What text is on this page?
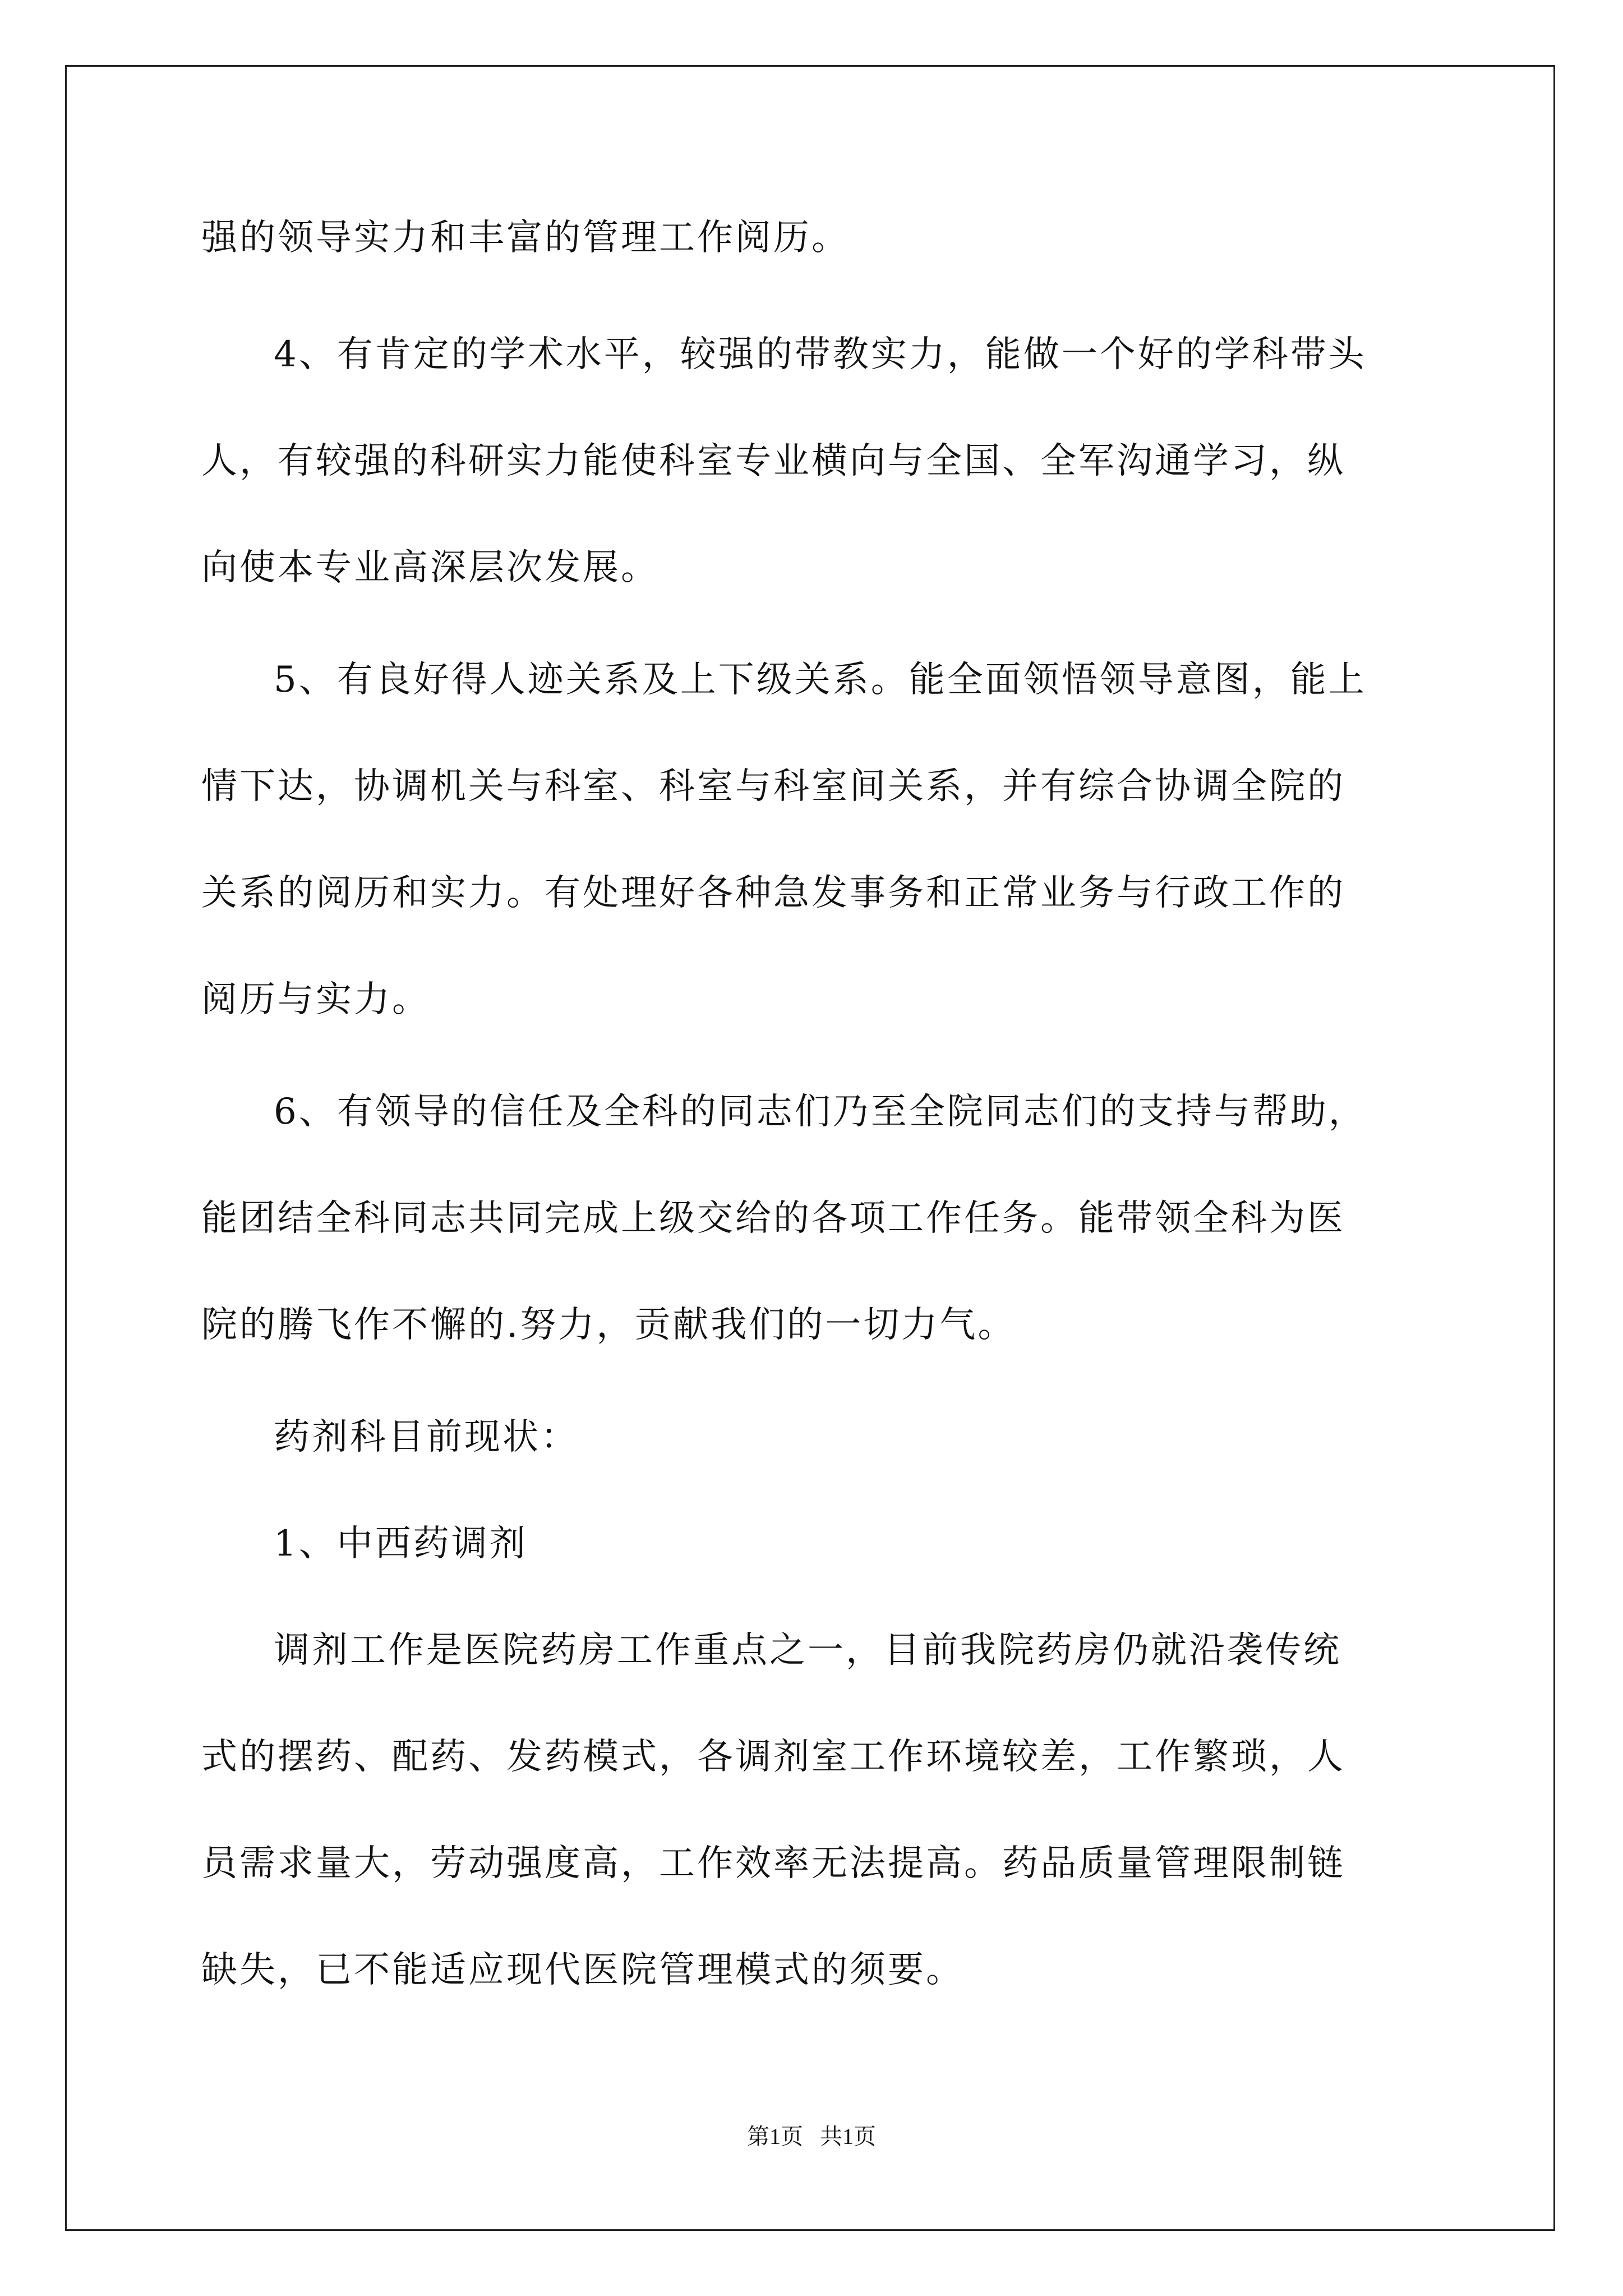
强的领导实力和丰富的管理工作阅历。
4、有肯定的学术水平，较强的带教实力，能做一个好的学科带头
人，有较强的科研实力能使科室专业横向与全国、全军沟通学习，纵
向使本专业高深层次发展。
5、有良好得人迹关系及上下级关系。能全面领悟领导意图，能上
情下达，协调机关与科室、科室与科室间关系，并有综合协调全院的
关系的阅历和实力。有处理好各种急发事务和正常业务与行政工作的
阅历与实力。
6、有领导的信任及全科的同志们乃至全院同志们的支持与帮助，
能团结全科同志共同完成上级交给的各项工作任务。能带领全科为医
院的腾飞作不懈的.努力，贡献我们的一切力气。
药剂科目前现状：
1、中西药调剂
调剂工作是医院药房工作重点之一，目前我院药房仍就沿袭传统
式的摆药、配药、发药模式，各调剂室工作环境较差，工作繁琐，人
员需求量大，劳动强度高，工作效率无法提高。药品质量管理限制链
缺失，已不能适应现代医院管理模式的须要。
第1页   共1页
